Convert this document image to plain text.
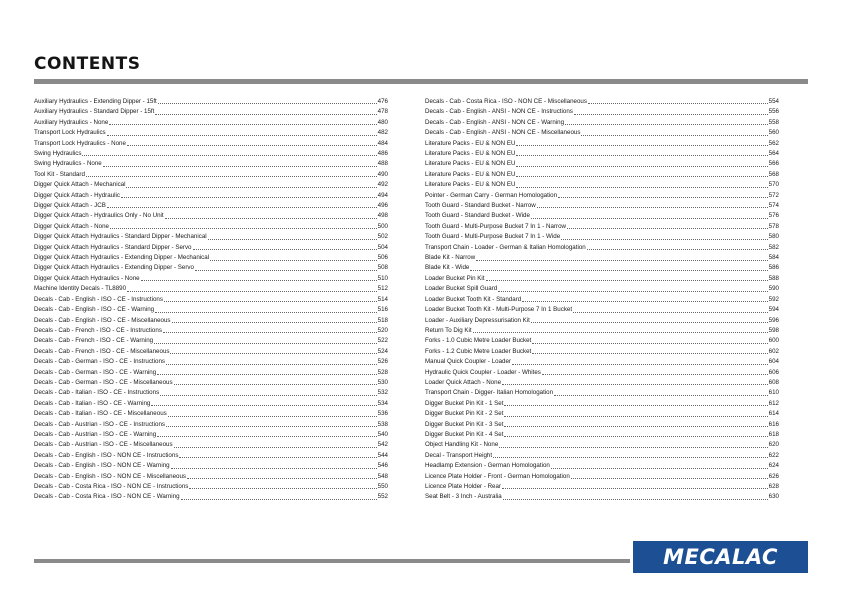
CONTENTS
Auxiliary Hydraulics - Extending Dipper - 15ft	476
Auxiliary Hydraulics - Standard Dipper - 15ft	478
Auxiliary Hydraulics - None	480
Transport Lock Hydraulics	482
Transport Lock Hydraulics - None	484
Swing Hydraulics	486
Swing Hydraulics - None	488
Tool Kit - Standard	490
Digger Quick Attach - Mechanical	492
Digger Quick Attach - Hydraulic	494
Digger Quick Attach - JCB	496
Digger Quick Attach - Hydraulics Only - No Unit	498
Digger Quick Attach - None	500
Digger Quick Attach Hydraulics - Standard Dipper - Mechanical	502
Digger Quick Attach Hydraulics - Standard Dipper - Servo	504
Digger Quick Attach Hydraulics - Extending Dipper - Mechanical	506
Digger Quick Attach Hydraulics - Extending Dipper - Servo	508
Digger Quick Attach Hydraulics - None	510
Machine Identity Decals - TL8890	512
Decals - Cab - English - ISO - CE - Instructions	514
Decals - Cab - English - ISO - CE - Warning	516
Decals - Cab - English - ISO - CE - Miscellaneous	518
Decals - Cab - French - ISO - CE - Instructions	520
Decals - Cab - French - ISO - CE - Warning	522
Decals - Cab - French - ISO - CE - Miscellaneous	524
Decals - Cab - German - ISO - CE - Instructions	526
Decals - Cab - German - ISO - CE - Warning	528
Decals - Cab - German - ISO - CE - Miscellaneous	530
Decals - Cab - Italian - ISO - CE - Instructions	532
Decals - Cab - Italian - ISO - CE - Warning	534
Decals - Cab - Italian - ISO - CE - Miscellaneous	536
Decals - Cab - Austrian - ISO - CE - Instructions	538
Decals - Cab - Austrian - ISO - CE - Warning	540
Decals - Cab - Austrian - ISO - CE - Miscellaneous	542
Decals - Cab - English - ISO - NON CE - Instructions	544
Decals - Cab - English - ISO - NON CE - Warning	546
Decals - Cab - English - ISO - NON CE - Miscellaneous	548
Decals - Cab - Costa Rica - ISO - NON CE - Instructions	550
Decals - Cab - Costa Rica - ISO - NON CE - Warning	552
Decals - Cab - Costa Rica - ISO - NON CE - Miscellaneous	554
Decals - Cab - English - ANSI - NON CE - Instructions	556
Decals - Cab - English - ANSI - NON CE - Warning	558
Decals - Cab - English - ANSI - NON CE - Miscellaneous	560
Literature Packs - EU & NON EU	562
Literature Packs - EU & NON EU	564
Literature Packs - EU & NON EU	566
Literature Packs - EU & NON EU	568
Literature Packs - EU & NON EU	570
Pointer - German Carry - German Homologation	572
Tooth Guard - Standard Bucket - Narrow	574
Tooth Guard - Standard Bucket - Wide	576
Tooth Guard - Multi-Purpose Bucket 7 In 1 - Narrow	578
Tooth Guard - Multi-Purpose Bucket 7 In 1 - Wide	580
Transport Chain - Loader - German & Italian Homologation	582
Blade Kit - Narrow	584
Blade Kit - Wide	586
Loader Bucket Pin Kit	588
Loader Bucket Spill Guard	590
Loader Bucket Tooth Kit - Standard	592
Loader Bucket Tooth Kit - Multi-Purpose 7 In 1 Bucket	594
Loader - Auxiliary Depressurisation Kit	596
Return To Dig Kit	598
Forks - 1.0 Cubic Metre Loader Bucket	600
Forks - 1.2 Cubic Metre Loader Bucket	602
Manual Quick Coupler - Loader	604
Hydraulic Quick Coupler - Loader - Whites	606
Loader Quick Attach - None	608
Transport Chain - Digger- Italian Homologation	610
Digger Bucket Pin Kit - 1 Set	612
Digger Bucket Pin Kit - 2 Set	614
Digger Bucket Pin Kit - 3 Set	616
Digger Bucket Pin Kit - 4 Set	618
Object Handling Kit - None	620
Decal - Transport Height	622
Headlamp Extension - German Homologation	624
Licence Plate Holder - Front - German Homologation	626
Licence Plate Holder - Rear	628
Seat Belt - 3 Inch - Australia	630
MECALAC
